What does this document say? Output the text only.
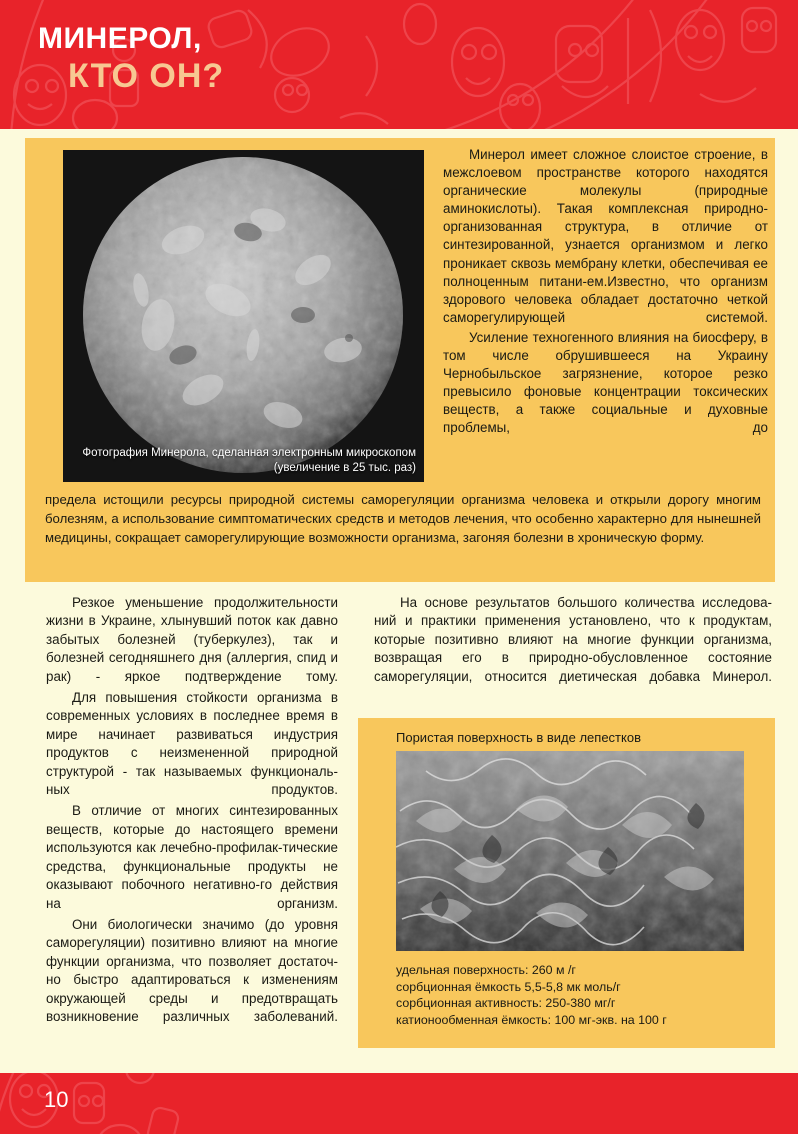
МИНЕРОЛ,
КТО ОН?
Фотография Минерола, сделанная электронным микроскопом (увеличение в 25 тыс. раз)

Минерол имеет сложное слоистое строение, в межслоевом пространстве которого находятся органические молекулы (природные аминокислоты). Такая комплексная природно-организованная структура, в отличие от синтезированной, узнается организмом и легко проникает сквозь мембрану клетки, обеспечивая ее полноценным питани-ем.Известно, что организм здорового человека обладает достаточно четкой саморегулирующей системой.

Усиление техногенного влияния на биосферу, в том числе обрушившееся на Украину Чернобыльское загрязнение, которое резко превысило фоновые концентрации токсических веществ, а также социальные и духовные проблемы, до

предела истощили ресурсы природной системы саморегуляции организма человека и открыли дорогу многим болезням, а использование симптоматических средств и методов лечения, что особенно характерно для нынешней медицины, сокращает саморегулирующие возможности организма, загоняя болезни в хроническую форму.

Резкое уменьшение продолжительности жизни в Украине, хлынувший поток как давно забытых болезней (туберкулез), так и болезней сегодняшнего дня (аллергия, спид и рак) - яркое подтверждение тому.

Для повышения стойкости организма в современных условиях в последнее время в мире начинает развиваться индустрия продуктов с неизмененной природной структурой - так называемых функциональ-ных продуктов.

В отличие от многих синтезированных веществ, которые до настоящего времени используются как лечебно-профилак-тические средства, функциональные продукты не оказывают побочного негативно-го действия на организм.

Они биологически значимо (до уровня саморегуляции) позитивно влияют на многие функции организма, что позволяет достаточ-но быстро адаптироваться к изменениям окружающей среды и предотвращать возникновение различных заболеваний.

На основе результатов большого количества исследова-ний и практики применения установлено, что к продуктам, которые позитивно влияют на многие функции организма, возвращая его в природно-обусловленное состояние саморегуляции, относится диетическая добавка Минерол.

Пористая поверхность в виде лепестков
удельная поверхность: 260 м /г
сорбционная ёмкость 5,5-5,8 мк моль/г
сорбционная активность: 250-380 мг/г
катионообменная ёмкость: 100 мг-экв. на 100 г
10
